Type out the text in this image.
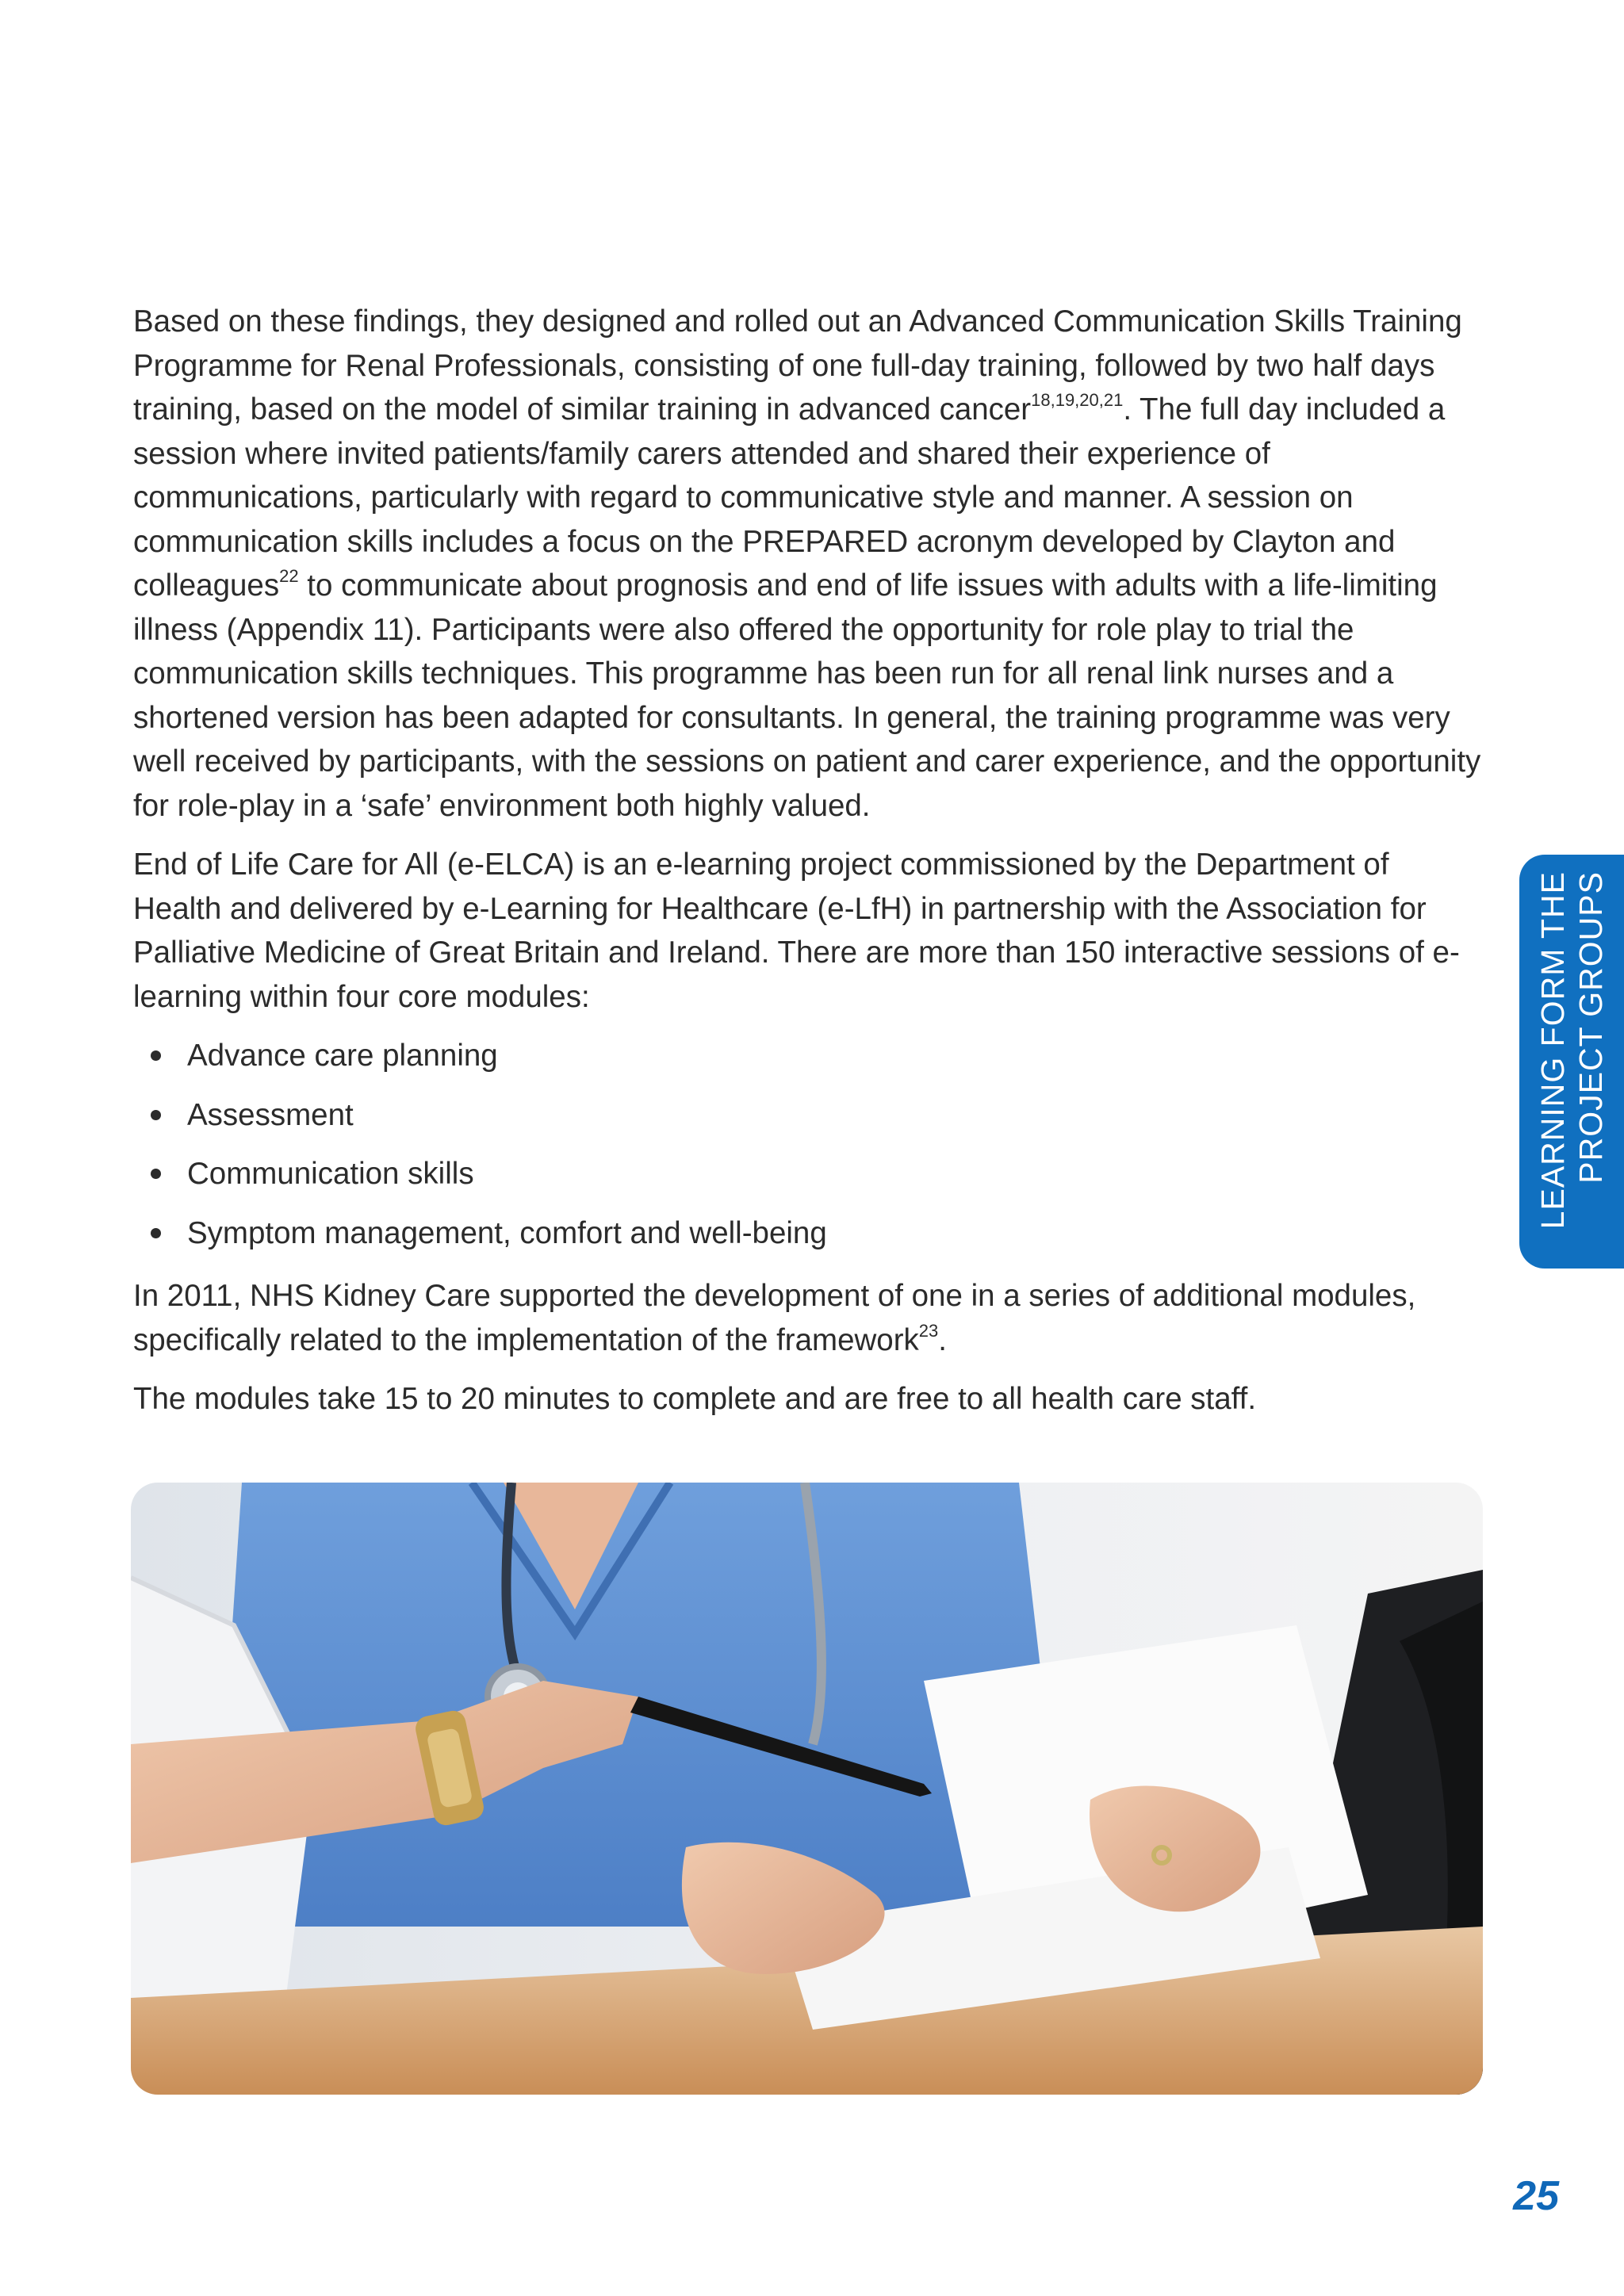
Based on these findings, they designed and rolled out an Advanced Communication Skills Training Programme for Renal Professionals, consisting of one full-day training, followed by two half days training, based on the model of similar training in advanced cancer$^{18,19,20,21}$. The full day included a session where invited patients/family carers attended and shared their experience of communications, particularly with regard to communicative style and manner. A session on communication skills includes a focus on the PREPARED acronym developed by Clayton and colleagues$^{22}$ to communicate about prognosis and end of life issues with adults with a life-limiting illness (Appendix 11). Participants were also offered the opportunity for role play to trial the communication skills techniques. This programme has been run for all renal link nurses and a shortened version has been adapted for consultants. In general, the training programme was very well received by participants, with the sessions on patient and carer experience, and the opportunity for role-play in a ‘safe’ environment both highly valued.

End of Life Care for All (e-ELCA) is an e-learning project commissioned by the Department of Health and delivered by e-Learning for Healthcare (e-LfH) in partnership with the Association for Palliative Medicine of Great Britain and Ireland. There are more than 150 interactive sessions of e-learning within four core modules:

Advance care planning
Assessment
Communication skills
Symptom management, comfort and well-being

In 2011, NHS Kidney Care supported the development of one in a series of additional modules, specifically related to the implementation of the framework$^{23}$.

The modules take 15 to 20 minutes to complete and are free to all health care staff.

LEARNING FORM THE PROJECT GROUPS
25
